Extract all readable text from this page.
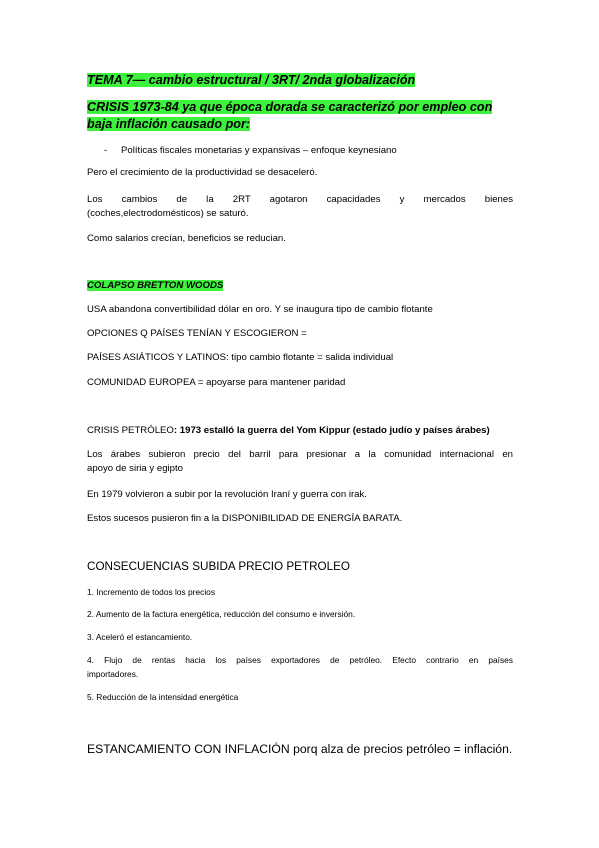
TEMA 7— cambio estructural / 3RT/ 2nda globalización

CRISIS 1973-84 ya que época dorada se caracterizó por empleo con baja inflación causado por:

- Políticas fiscales monetarias y expansivas – enfoque keynesiano

Pero el crecimiento de la productividad se desaceleró.

Los cambios de la 2RT agotaron capacidades y mercados bienes

(coches,electrodomésticos) se saturó.

Como salarios crecían, beneficios se reducian.

COLAPSO BRETTON WOODS

USA abandona convertibilidad dólar en oro. Y se inaugura tipo de cambio flotante

OPCIONES Q PAÍSES TENÍAN Y ESCOGIERON =

PAÍSES ASIÁTICOS Y LATINOS: tipo cambio flotante = salida individual

COMUNIDAD EUROPEA = apoyarse para mantener paridad

CRISIS PETRÓLEO: 1973 estalló la guerra del Yom Kippur (estado judío y países árabes)

Los árabes subieron precio del barril para presionar a la comunidad internacional en

apoyo de siria y egipto

En 1979 volvieron a subir por la revolución Iraní y guerra con irak.

Estos sucesos pusieron fin a la DISPONIBILIDAD DE ENERGÍA BARATA.

CONSECUENCIAS SUBIDA PRECIO PETROLEO

1. Incremento de todos los precios

2. Aumento de la factura energética, reducción del consumo e inversión.

3. Aceleró el estancamiento.

4. Flujo de rentas hacia los países exportadores de petróleo. Efecto contrario en países

importadores.

5. Reducción de la intensidad energética

ESTANCAMIENTO CON INFLACIÓN porq alza de precios petróleo = inflación.
